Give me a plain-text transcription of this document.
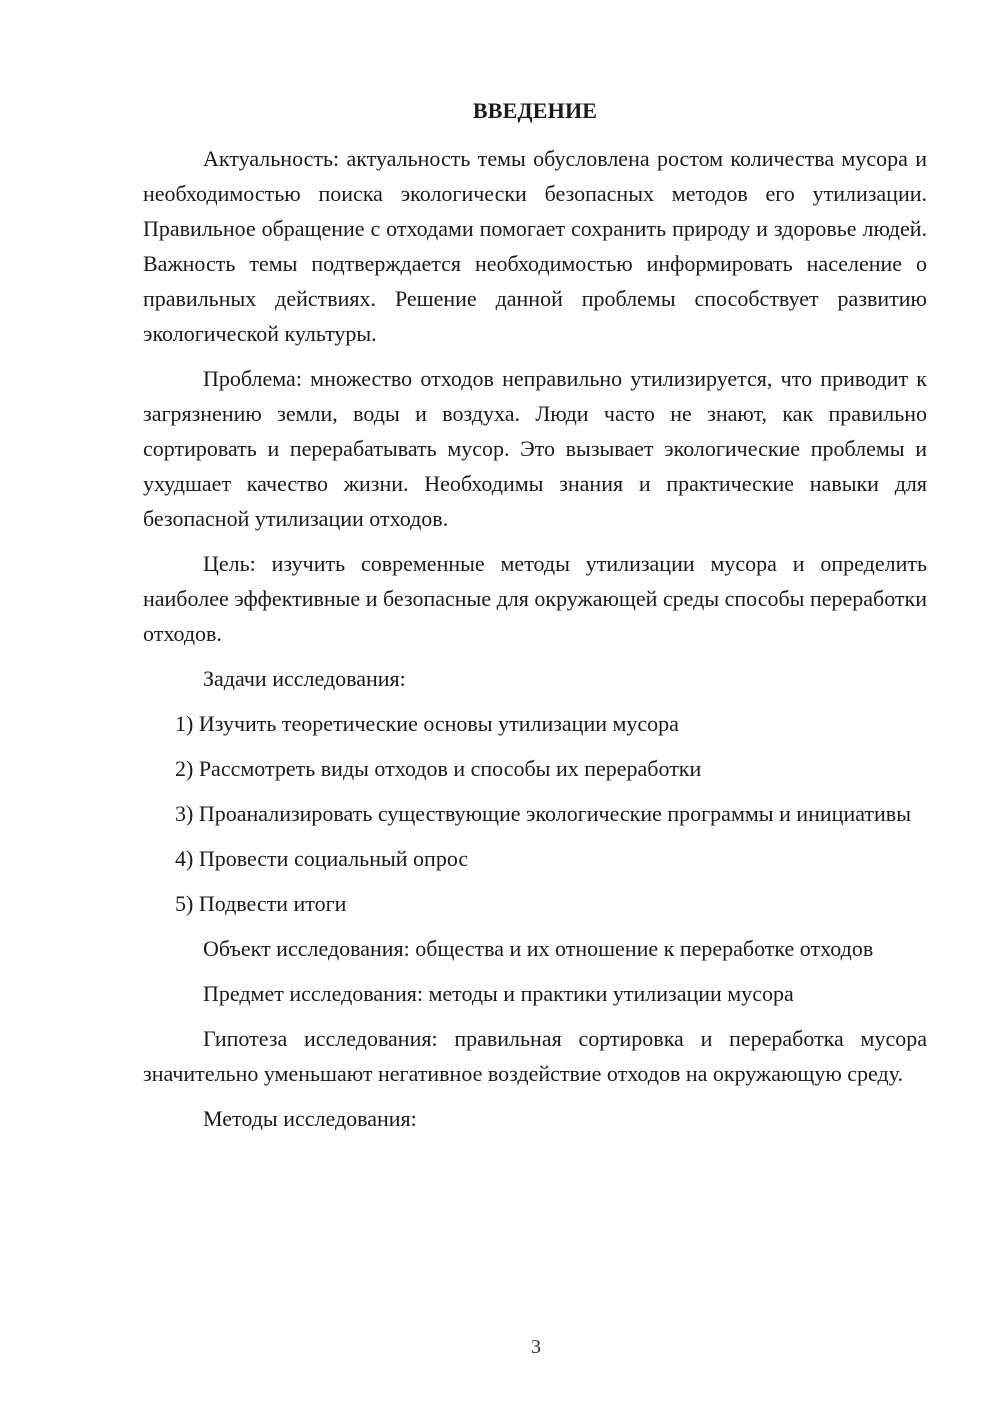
ВВЕДЕНИЕ

Актуальность: актуальность темы обусловлена ростом количества мусора и необходимостью поиска экологически безопасных методов его утилизации. Правильное обращение с отходами помогает сохранить природу и здоровье людей. Важность темы подтверждается необходимостью информировать население о правильных действиях. Решение данной проблемы способствует развитию экологической культуры.

Проблема: множество отходов неправильно утилизируется, что приводит к загрязнению земли, воды и воздуха. Люди часто не знают, как правильно сортировать и перерабатывать мусор. Это вызывает экологические проблемы и ухудшает качество жизни. Необходимы знания и практические навыки для безопасной утилизации отходов.

Цель: изучить современные методы утилизации мусора и определить наиболее эффективные и безопасные для окружающей среды способы переработки отходов.

Задачи исследования:

1) Изучить теоретические основы утилизации мусора

2) Рассмотреть виды отходов и способы их переработки

3) Проанализировать существующие экологические программы и инициативы

4) Провести социальный опрос

5) Подвести итоги

Объект исследования: общества и их отношение к переработке отходов

Предмет исследования: методы и практики утилизации мусора

Гипотеза исследования: правильная сортировка и переработка мусора значительно уменьшают негативное воздействие отходов на окружающую среду.

Методы исследования:

3
